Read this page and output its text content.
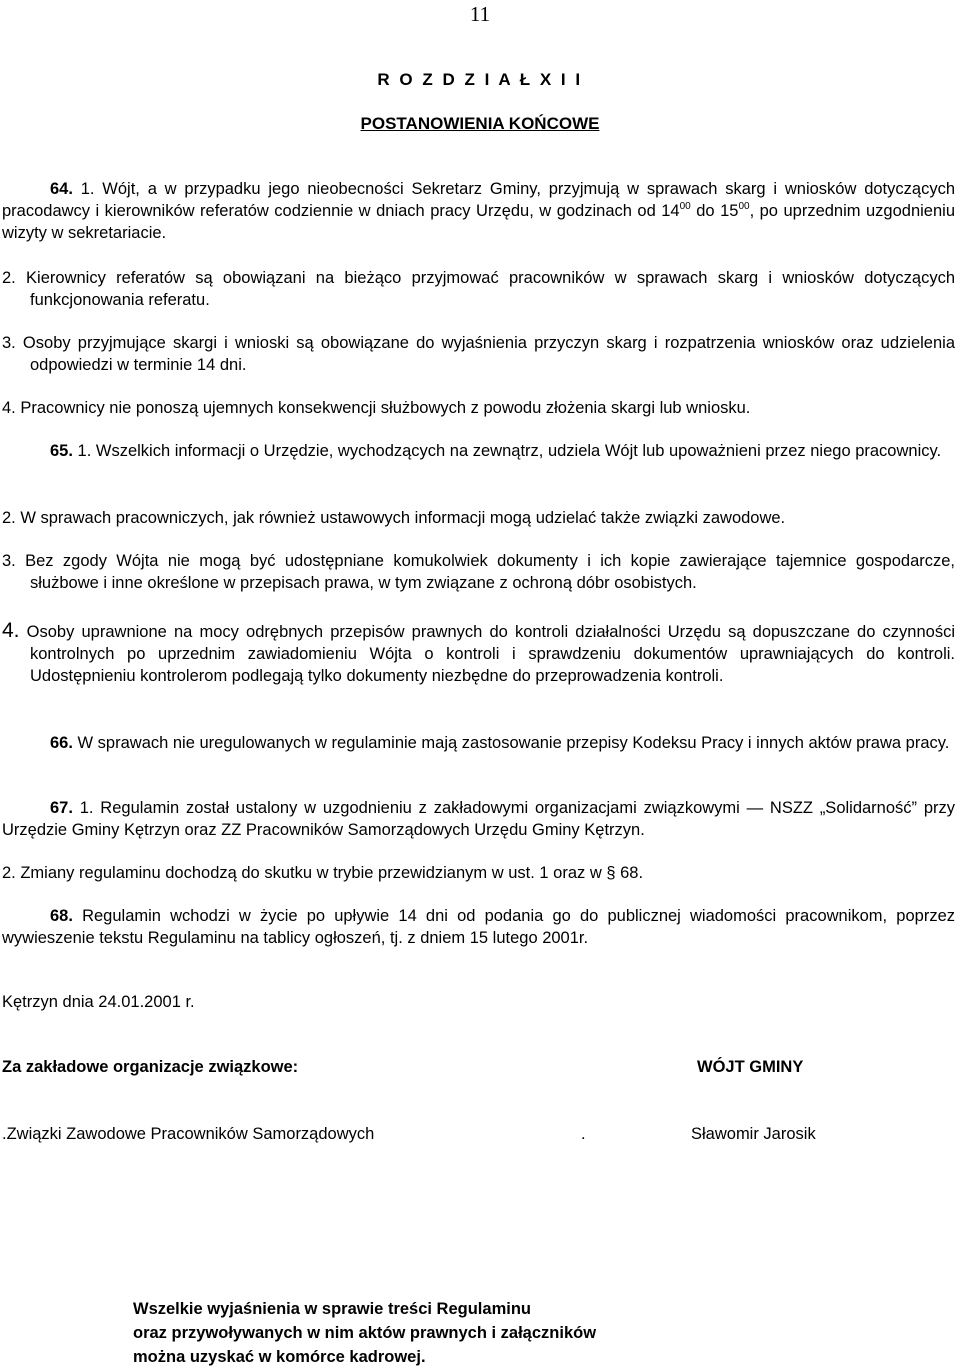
11
R O Z D Z I A Ł X I I
POSTANOWIENIA KOŃCOWE
64. 1. Wójt, a w przypadku jego nieobecności Sekretarz Gminy, przyjmują w sprawach skarg i wniosków dotyczących pracodawcy i kierowników referatów codziennie w dniach pracy Urzędu, w godzinach od $14^{00}$ do $15^{00}$, po uprzednim uzgodnieniu wizyty w sekretariacie.
2. Kierownicy referatów są obowiązani na bieżąco przyjmować pracowników w sprawach skarg i wniosków dotyczących funkcjonowania referatu.
3. Osoby przyjmujące skargi i wnioski są obowiązane do wyjaśnienia przyczyn skarg i rozpatrzenia wniosków oraz udzielenia odpowiedzi w terminie 14 dni.
4. Pracownicy nie ponoszą ujemnych konsekwencji służbowych z powodu złożenia skargi lub wniosku.
65. 1. Wszelkich informacji o Urzędzie, wychodzących na zewnątrz, udziela Wójt lub upoważnieni przez niego pracownicy.
2. W sprawach pracowniczych, jak również ustawowych informacji mogą udzielać także związki zawodowe.
3. Bez zgody Wójta nie mogą być udostępniane komukolwiek dokumenty i ich kopie zawierające tajemnice gospodarcze, służbowe i inne określone w przepisach prawa, w tym związane z ochroną dóbr osobistych.
4. Osoby uprawnione na mocy odrębnych przepisów prawnych do kontroli działalności Urzędu są dopuszczane do czynności kontrolnych po uprzednim zawiadomieniu Wójta o kontroli i sprawdzeniu dokumentów uprawniających do kontroli. Udostępnieniu kontrolerom podlegają tylko dokumenty niezbędne do przeprowadzenia kontroli.
66. W sprawach nie uregulowanych w regulaminie mają zastosowanie przepisy Kodeksu Pracy i innych aktów prawa pracy.
67. 1. Regulamin został ustalony w uzgodnieniu z zakładowymi organizacjami związkowymi — NSZZ „Solidarność” przy Urzędzie Gminy Kętrzyn oraz ZZ Pracowników Samorządowych Urzędu Gminy Kętrzyn.
2. Zmiany regulaminu dochodzą do skutku w trybie przewidzianym w ust. 1 oraz w § 68.
68. Regulamin wchodzi w życie po upływie 14 dni od podania go do publicznej wiadomości pracownikom, poprzez wywieszenie tekstu Regulaminu na tablicy ogłoszeń, tj. z dniem 15 lutego 2001r.
Kętrzyn dnia 24.01.2001 r.
Za zakładowe organizacje związkowe:	WÓJT GMINY
.Związki Zawodowe Pracowników Samorządowych	.	Sławomir Jarosik
Wszelkie wyjaśnienia w sprawie treści Regulaminu
oraz przywoływanych w nim aktów prawnych i załączników
można uzyskać w komórce kadrowej.
